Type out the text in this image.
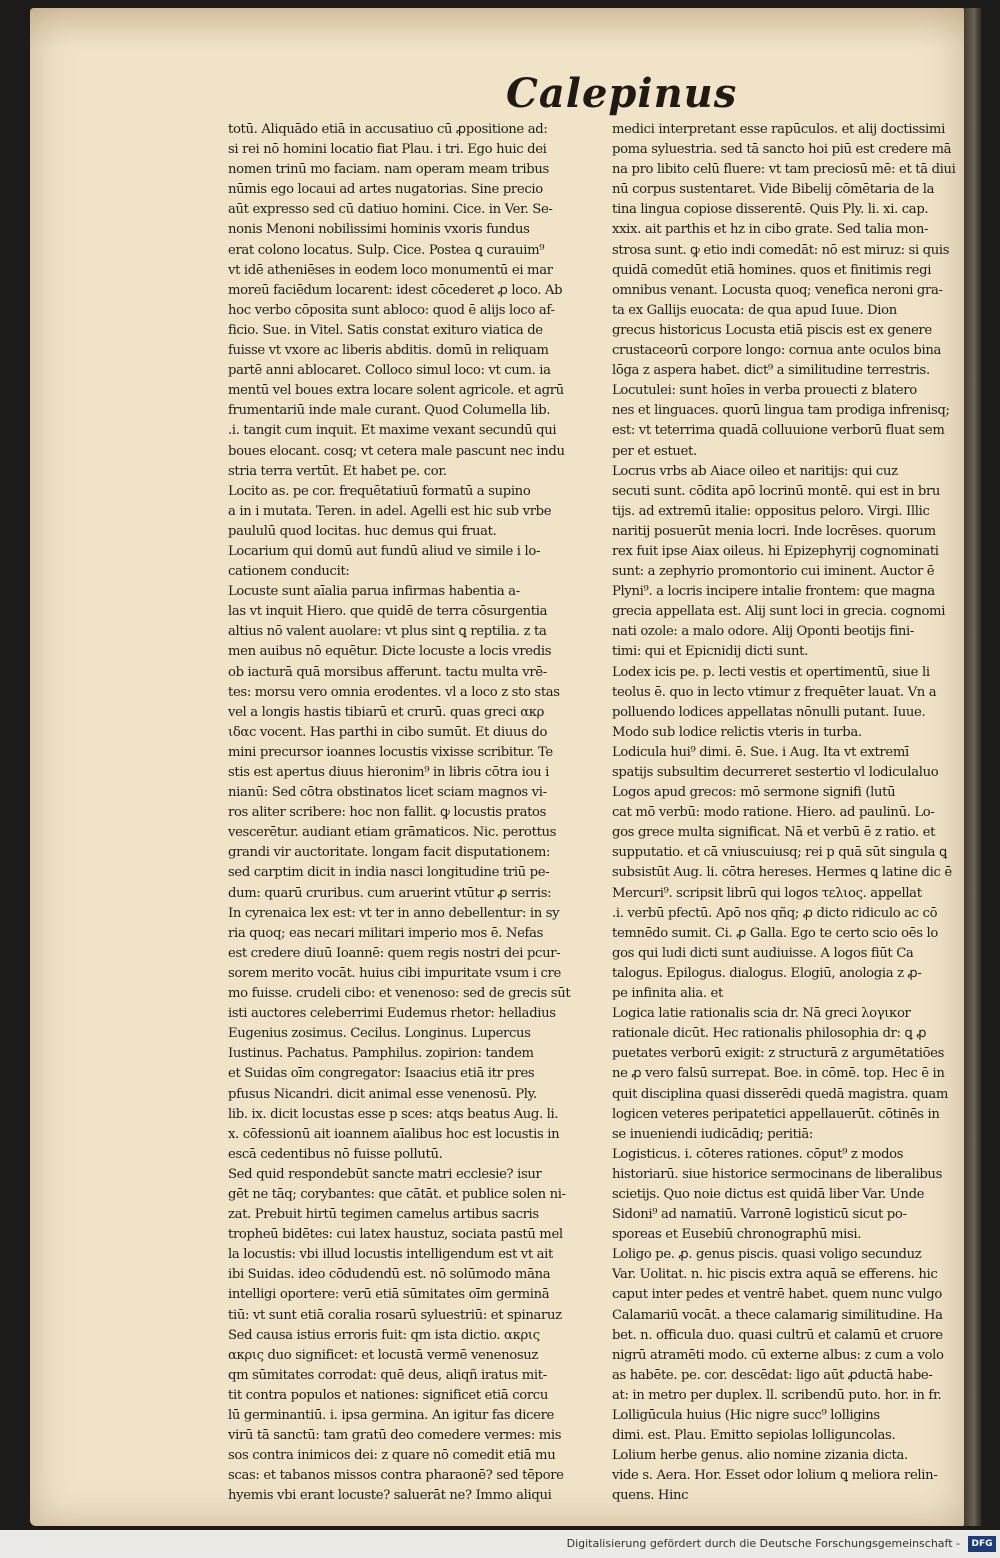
Calepinus
totū. Aliquādo etiā in accusatiuo cū ꝓpositione ad:
si rei nō homini locatio fiat Plau. i tri. Ego huic dei
nomen trinū mo faciam. nam operam meam tribus
nūmis ego locaui ad artes nugatorias. Sine precio
aūt expresso sed cū datiuo homini. Cice. in Ver. Se-
nonis Menoni nobilissimi hominis vxoris fundus
erat colono locatus. Sulp. Cice. Postea ꝗ curauim⁹
vt idē atheniēses in eodem loco monumentū ei mar
moreū faciēdum locarent: idest cōcederet ꝓ loco. Ab
hoc verbo cōposita sunt abloco: quod ē alijs loco af-
ficio. Sue. in Vitel. Satis constat exituro viatica de
fuisse vt vxore ac liberis abditis. domū in reliquam
partē anni ablocaret. Colloco simul loco: vt cum. ia
mentū vel boues extra locare solent agricole. et agrū
frumentariū inde male curant. Quod Columella lib.
.i. tangit cum inquit. Et maxime vexant secundū qui
boues elocant. cosq; vt cetera male pascunt nec indu
stria terra vertūt. Et habet pe. cor.
Locito as. pe cor. frequētatiuū formatū a supino
a in i mutata. Teren. in adel. Agelli est hic sub vrbe
paululū quod locitas. huc demus qui fruat.
Locarium qui domū aut fundū aliud ve simile i lo-
cationem conducit:
Locuste sunt aīalia parua infirmas habentia a-
las vt inquit Hiero. que quidē de terra cōsurgentia
altius nō valent auolare: vt plus sint ꝗ reptilia. z ta
men auibus nō equētur. Dicte locuste a locis vredis
ob iacturā quā morsibus afferunt. tactu multa vrē-
tes: morsu vero omnia erodentes. vl a loco z sto stas
vel a longis hastis tibiarū et crurū. quas greci ακρ
ιδαc vocent. Has parthi in cibo sumūt. Et diuus do
mini precursor ioannes locustis vixisse scribitur. Te
stis est apertus diuus hieronim⁹ in libris cōtra iou i
nianū: Sed cōtra obstinatos licet sciam magnos vi-
ros aliter scribere: hoc non fallit. ꝙ locustis pratos
vescerētur. audiant etiam grāmaticos. Nic. perottus
grandi vir auctoritate. longam facit disputationem:
sed carptim dicit in india nasci longitudine triū pe-
dum: quarū cruribus. cum aruerint vtūtur ꝓ serris:
In cyrenaica lex est: vt ter in anno debellentur: in sy
ria quoq; eas necari militari imperio mos ē. Nefas
est credere diuū Ioannē: quem regis nostri dei pcur-
sorem merito vocāt. huius cibi impuritate vsum i cre
mo fuisse. crudeli cibo: et venenoso: sed de grecis sūt
isti auctores celeberrimi Eudemus rhetor: helladius
Eugenius zosimus. Cecilus. Longinus. Lupercus
Iustinus. Pachatus. Pamphilus. zopirion: tandem
et Suidas oīm congregator: Isaacius etiā itr pres
pfusus Nicandri. dicit animal esse venenosū. Ply.
lib. ix. dicit locustas esse p sces: atqs beatus Aug. li.
x. cōfessionū ait ioannem aīalibus hoc est locustis in
escā cedentibus nō fuisse pollutū.
Sed quid respondebūt sancte matri ecclesie? isur
gēt ne tāq; corybantes: que cātāt. et publice solen ni-
zat. Prebuit hirtū tegimen camelus artibus sacris
tropheū bidētes: cui latex haustuz, sociata pastū mel
la locustis: vbi illud locustis intelligendum est vt ait
ibi Suidas. ideo cōdudendū est. nō solūmodo māna
intelligi oportere: verū etiā sūmitates oīm germinā
tiū: vt sunt etiā coralia rosarū syluestriū: et spinaruz
Sed causa istius erroris fuit: qm ista dictio. ακρις
ακρις duo significet: et locustā vermē venenosuz
qm sūmitates corrodat: quē deus, aliqñ iratus mit-
tit contra populos et nationes: significet etiā corcu
lū germinantiū. i. ipsa germina. An igitur fas dicere
virū tā sanctū: tam gratū deo comedere vermes: mis
sos contra inimicos dei: z quare nō comedit etiā mu
scas: et tabanos missos contra pharaonē? sed tēpore
hyemis vbi erant locuste? saluerāt ne? Immo aliqui
medici interpretant esse rapūculos. et alij doctissimi
poma syluestria. sed tā sancto hoi piū est credere mā
na pro libito celū fluere: vt tam preciosū mē: et tā diui
nū corpus sustentaret. Vide Bibelij cōmētaria de la
tina lingua copiose disserentē. Quis Ply. li. xi. cap.
xxix. ait parthis et hz in cibo grate. Sed talia mon-
strosa sunt. ꝙ etio indi comedāt: nō est miruz: si quis
quidā comedūt etiā homines. quos et finitimis regi
omnibus venant. Locusta quoq; venefica neroni gra-
ta ex Gallijs euocata: de qua apud Iuue. Dion
grecus historicus Locusta etiā piscis est ex genere
crustaceorū corpore longo: cornua ante oculos bina
lōga z aspera habet. dict⁹ a similitudine terrestris.
Locutulei: sunt hoīes in verba prouecti z blatero
nes et linguaces. quorū lingua tam prodiga infrenisq;
est: vt teterrima quadā colluuione verborū fluat sem
per et estuet.
Locrus vrbs ab Aiace oileo et naritijs: qui cuz
secuti sunt. cōdita apō locrinū montē. qui est in bru
tijs. ad extremū italie: oppositus peloro. Virgi. Illic
naritij posuerūt menia locri. Inde locrēses. quorum
rex fuit ipse Aiax oileus. hi Epizephyrij cognominati
sunt: a zephyrio promontorio cui iminent. Auctor ē
Plyni⁹. a locris incipere intalie frontem: que magna
grecia appellata est. Alij sunt loci in grecia. cognomi
nati ozole: a malo odore. Alij Oponti beotijs fini-
timi: qui et Epicnidij dicti sunt.
Lodex icis pe. p. lecti vestis et opertimentū, siue li
teolus ē. quo in lecto vtimur z frequēter lauat. Vn a
polluendo lodices appellatas nōnulli putant. Iuue.
Modo sub lodice relictis vteris in turba.
Lodicula hui⁹ dimi. ē. Sue. i Aug. Ita vt extremī
spatijs subsultim decurreret sestertio vl lodiculaluo
Logos apud grecos: mō sermone signifi (lutū
cat mō verbū: modo ratione. Hiero. ad paulinū. Lo-
gos grece multa significat. Nā et verbū ē z ratio. et
supputatio. et cā vniuscuiusq; rei p quā sūt singula ꝗ
subsistūt Aug. li. cōtra hereses. Hermes ꝗ latine dic ē
Mercuri⁹. scripsit librū qui logos τελιος. appellat
.i. verbū pfectū. Apō nos qñq; ꝓ dicto ridiculo ac cō
temnēdo sumit. Ci. ꝓ Galla. Ego te certo scio oēs lo
gos qui ludi dicti sunt audiuisse. A logos fiūt Ca
talogus. Epilogus. dialogus. Elogiū, anologia z ꝓ-
pe infinita alia. et
Logica latie rationalis scia dr. Nā greci λογικοr
rationale dicūt. Hec rationalis philosophia dr: ꝗ ꝓ
puetates verborū exigit: z structurā z argumētatiōes
ne ꝓ vero falsū surrepat. Boe. in cōmē. top. Hec ē in
quit disciplina quasi disserēdi quedā magistra. quam
logicen veteres peripatetici appellauerūt. cōtinēs in
se inueniendi iudicādiq; peritiā:
Logisticus. i. cōteres rationes. cōput⁹ z modos
historiarū. siue historice sermocinans de liberalibus
scietijs. Quo noie dictus est quidā liber Var. Unde
Sidoni⁹ ad namatiū. Varronē logisticū sicut po-
sporeas et Eusebiū chronographū misi.
Loligo pe. ꝓ. genus piscis. quasi voligo secunduz
Var. Uolitat. n. hic piscis extra aquā se efferens. hic
caput inter pedes et ventrē habet. quem nunc vulgo
Calamariū vocāt. a thece calamarig similitudine. Ha
bet. n. officula duo. quasi cultrū et calamū et cruore
nigrū atramēti modo. cū externe albus: z cum a volo
as habēte. pe. cor. descēdat: ligo aūt ꝓductā habe-
at: in metro per duplex. ll. scribendū puto. hor. in fr.
Lolligūcula huius (Hic nigre succ⁹ lolligins
dimi. est. Plau. Emitto sepiolas lolliguncolas.
Lolium herbe genus. alio nomine zizania dicta.
vide s. Aera. Hor. Esset odor lolium ꝗ meliora relin-
quens. Hinc
Digitalisierung gefördert durch die Deutsche Forschungsgemeinschaft -	DFG
